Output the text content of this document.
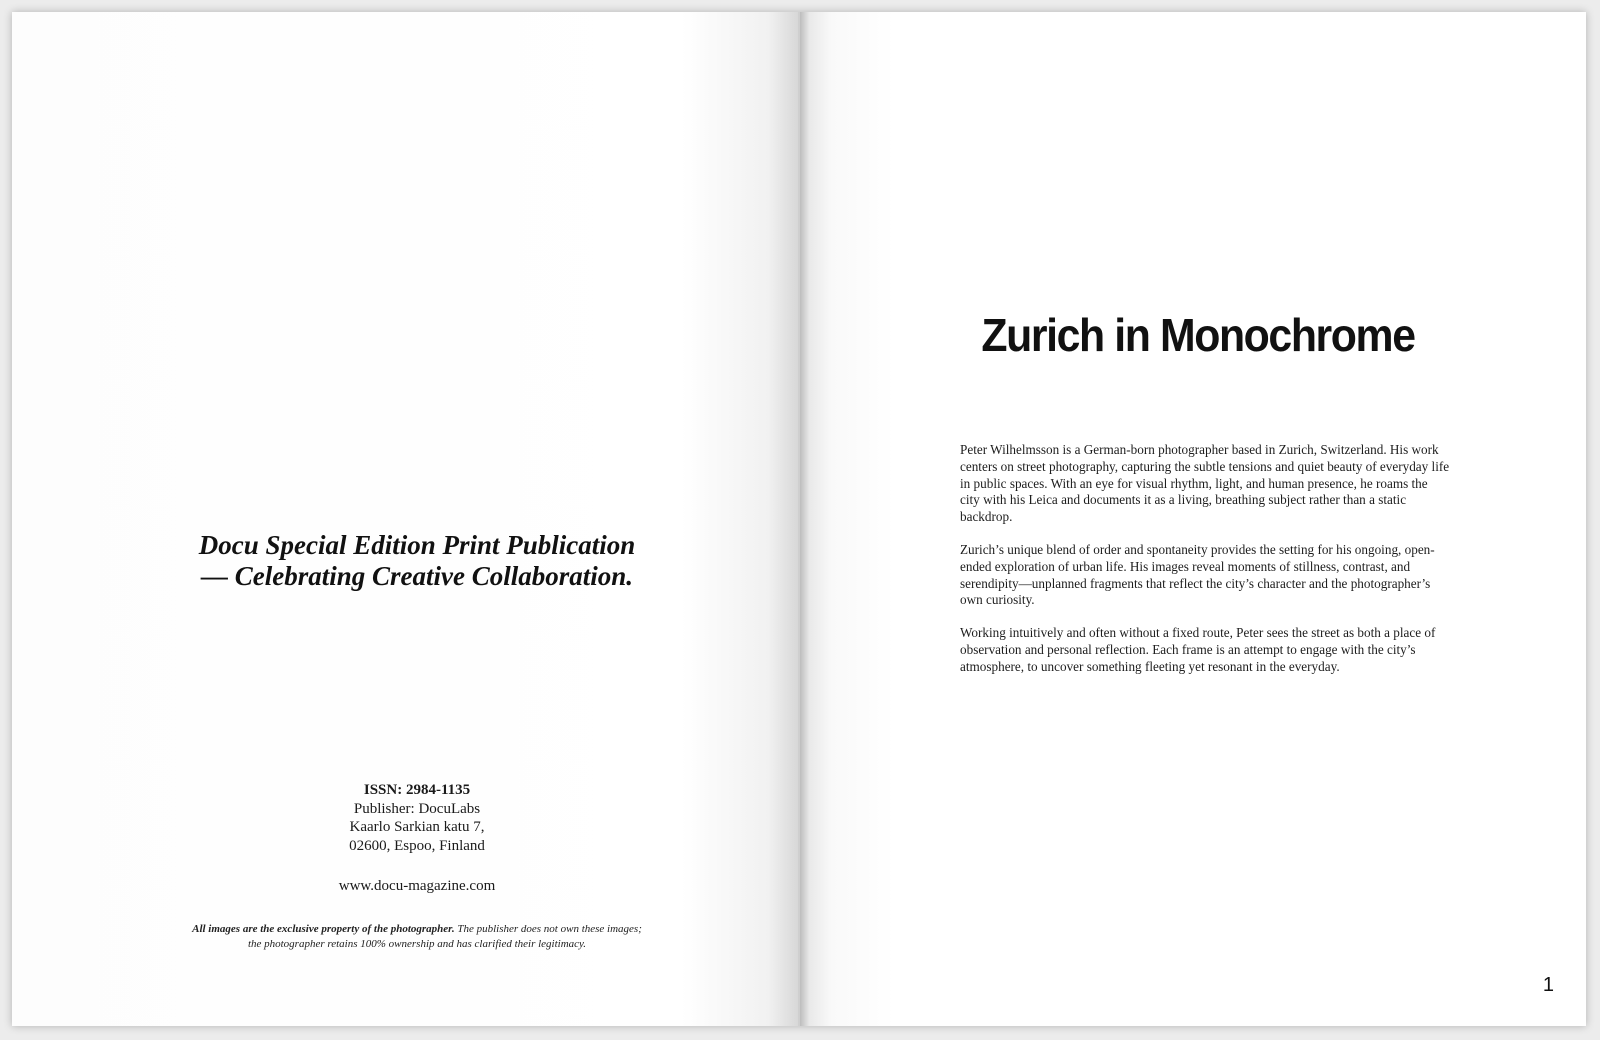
Docu Special Edition Print Publication
— Celebrating Creative Collaboration.
ISSN: 2984-1135
Publisher: DocuLabs
Kaarlo Sarkian katu 7,
02600, Espoo, Finland
www.docu-magazine.com
All images are the exclusive property of the photographer. The publisher does not own these images;
the photographer retains 100% ownership and has clarified their legitimacy.
Zurich in Monochrome

Peter Wilhelmsson is a German-born photographer based in Zurich, Switzerland. His work centers on street photography, capturing the subtle tensions and quiet beauty of everyday life in public spaces. With an eye for visual rhythm, light, and human presence, he roams the city with his Leica and documents it as a living, breathing subject rather than a static backdrop.

Zurich’s unique blend of order and spontaneity provides the setting for his ongoing, open-ended exploration of urban life. His images reveal moments of stillness, contrast, and serendipity—unplanned fragments that reflect the city’s character and the photographer’s own curiosity.

Working intuitively and often without a fixed route, Peter sees the street as both a place of observation and personal reflection. Each frame is an attempt to engage with the city’s atmosphere, to uncover something fleeting yet resonant in the everyday.

1
